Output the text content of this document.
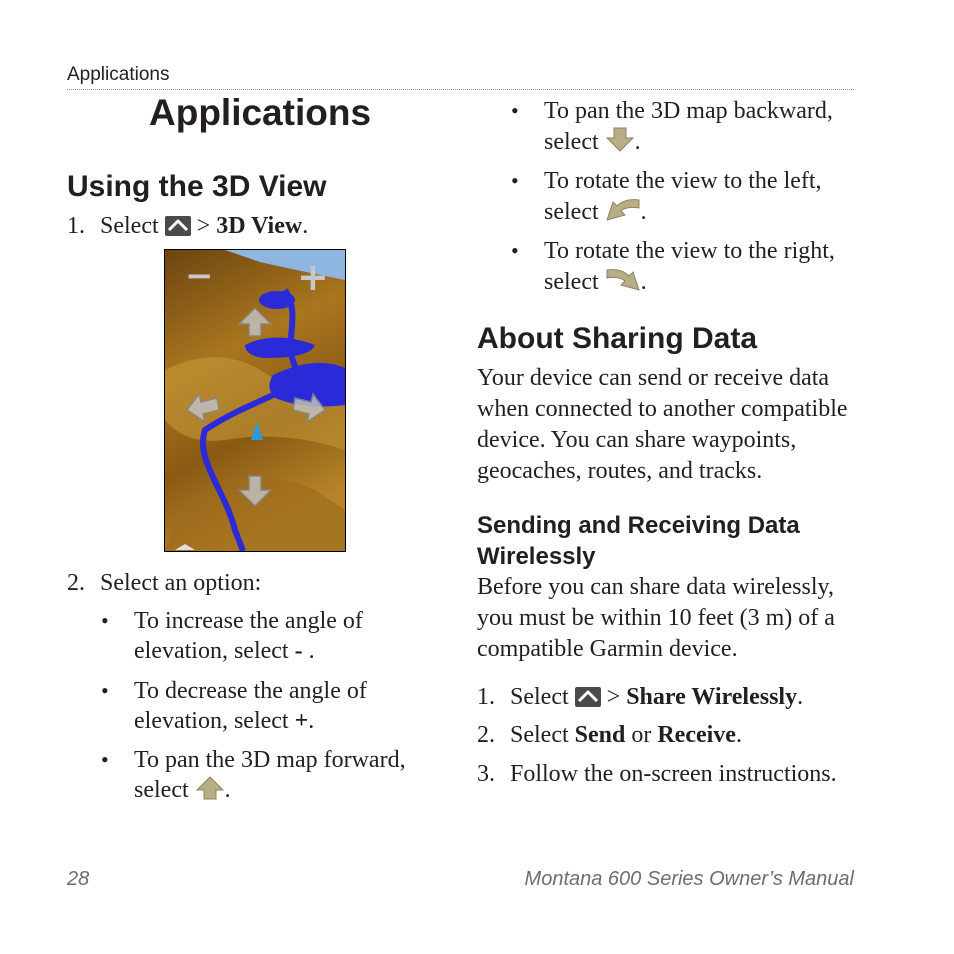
Applications
Applications
Using the 3D View
1. Select > 3D View.
− +
2. Select an option:
• To increase the angle of
elevation, select - .
• To decrease the angle of
elevation, select +.
• To pan the 3D map forward,
select .
• To pan the 3D map backward,
select .
• To rotate the view to the left,
select .
• To rotate the view to the right,
select .
About Sharing Data
Your device can send or receive data
when connected to another compatible
device. You can share waypoints,
geocaches, routes, and tracks.
Sending and Receiving Data
Wirelessly
Before you can share data wirelessly,
you must be within 10 feet (3 m) of a
compatible Garmin device.
1. Select > Share Wirelessly.
2. Select Send or Receive.
3. Follow the on-screen instructions.
28	Montana 600 Series Owner’s Manual
